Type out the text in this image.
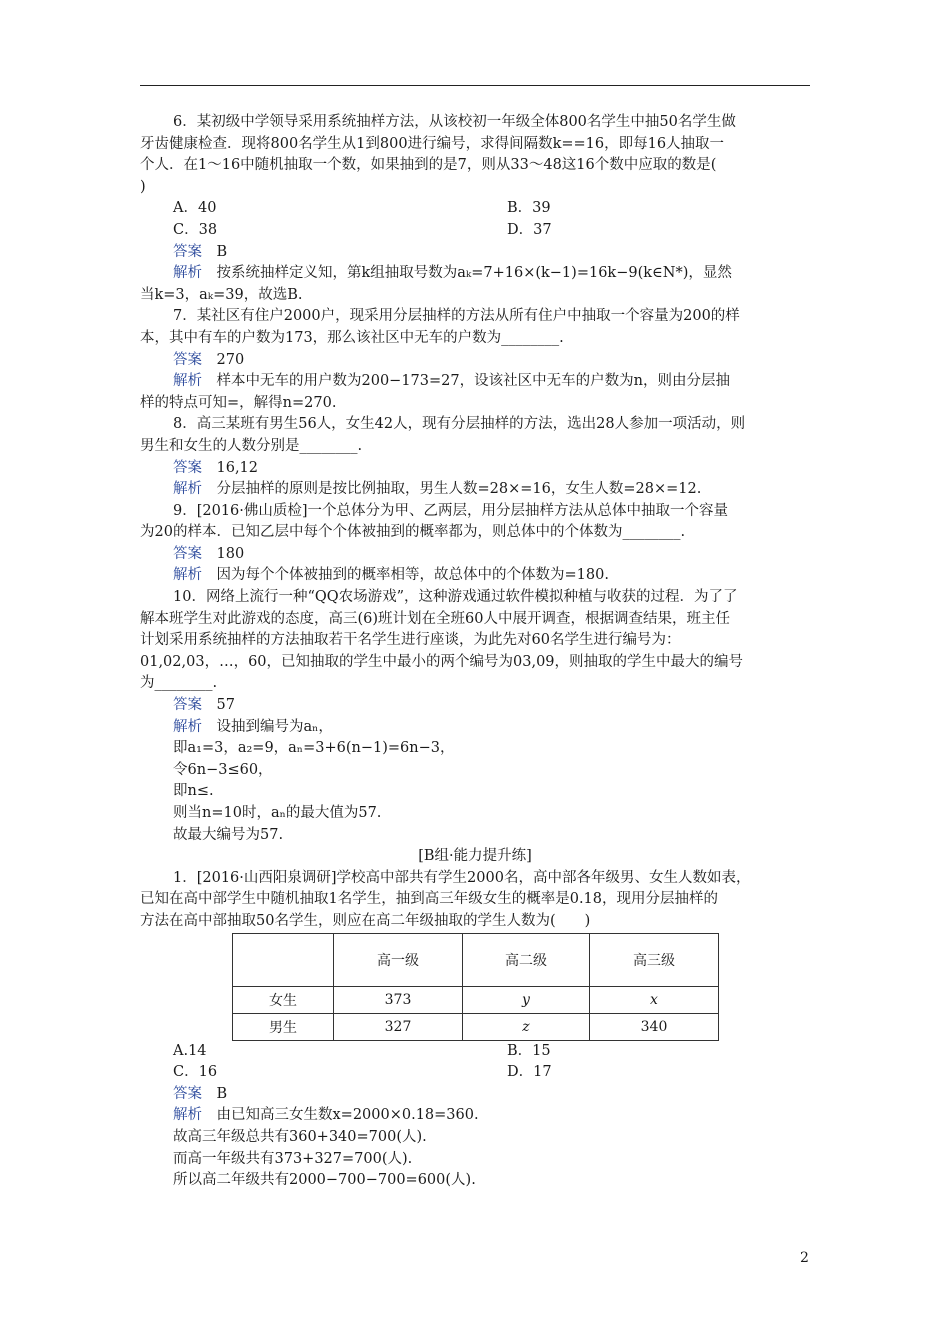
6．某初级中学领导采用系统抽样方法，从该校初一年级全体800名学生中抽50名学生做
牙齿健康检查．现将800名学生从1到800进行编号，求得间隔数k==16，即每16人抽取一
个人．在1～16中随机抽取一个数，如果抽到的是7，则从33～48这16个数中应取的数是(
)
A．40	B．39
C．38	D．37
答案　 B
解析　 按系统抽样定义知，第k组抽取号数为aₖ=7+16×(k−1)=16k−9(k∈N*)，显然
当k=3，aₖ=39，故选B.
7．某社区有住户2000户，现采用分层抽样的方法从所有住户中抽取一个容量为200的样
本，其中有车的户数为173，那么该社区中无车的户数为________.
答案　 270
解析　 样本中无车的用户数为200−173=27，设该社区中无车的户数为n，则由分层抽
样的特点可知=，解得n=270.
8．高三某班有男生56人，女生42人，现有分层抽样的方法，选出28人参加一项活动，则
男生和女生的人数分别是________.
答案　 16,12
解析　 分层抽样的原则是按比例抽取，男生人数=28×=16，女生人数=28×=12.
9．[2016·佛山质检]一个总体分为甲、乙两层，用分层抽样方法从总体中抽取一个容量
为20的样本．已知乙层中每个个体被抽到的概率都为，则总体中的个体数为________.
答案　 180
解析　 因为每个个体被抽到的概率相等，故总体中的个体数为=180.
10．网络上流行一种“QQ农场游戏”，这种游戏通过软件模拟种植与收获的过程．为了了
解本班学生对此游戏的态度，高三(6)班计划在全班60人中展开调查，根据调查结果，班主任
计划采用系统抽样的方法抽取若干名学生进行座谈，为此先对60名学生进行编号为：
01,02,03，…，60，已知抽取的学生中最小的两个编号为03,09，则抽取的学生中最大的编号
为________.
答案　 57
解析　 设抽到编号为aₙ，
即a₁=3，a₂=9，aₙ=3+6(n−1)=6n−3，
令6n−3≤60，
即n≤.
则当n=10时，aₙ的最大值为57.
故最大编号为57.
[B组·能力提升练]
1．[2016·山西阳泉调研]学校高中部共有学生2000名，高中部各年级男、女生人数如表，
已知在高中部学生中随机抽取1名学生，抽到高三年级女生的概率是0.18，现用分层抽样的
方法在高中部抽取50名学生，则应在高二年级抽取的学生人数为(　　)
	高一级	高二级	高三级
女生	373	y	x
男生	327	z	340
A.14	B．15
C．16	D．17
答案　 B
解析　 由已知高三女生数x=2000×0.18=360.
故高三年级总共有360+340=700(人).
而高一年级共有373+327=700(人).
所以高二年级共有2000−700−700=600(人).
2
